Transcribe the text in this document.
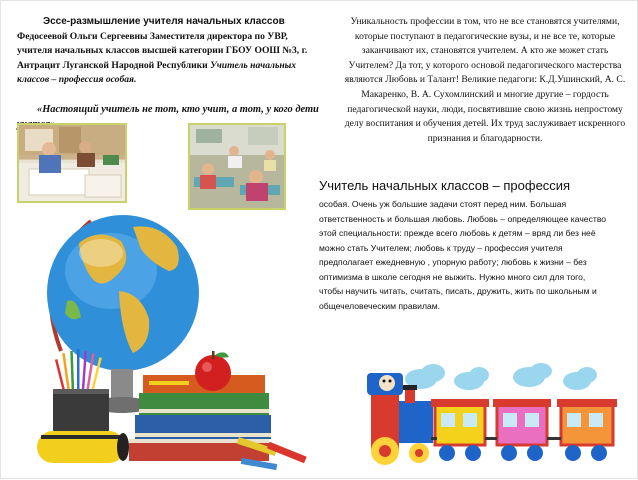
Эссе-размышление учителя начальных классов
Федосеевой Ольги Сергеевны Заместителя директора по УВР, учителя начальных классов высшей категории ГБОУ ООШ №3, г. Антрацит Луганской Народной Республики Учитель начальных классов – профессия особая.
«Настоящий учитель не тот, кто учит, а тот, у кого дети
Уникальность профессии в том, что не все становятся учителями, которые поступают в педагогические вузы, и не все те, которые заканчивают их, становятся учителем. А кто же может стать Учителем? Да тот, у которого основой педагогического мастерства являются Любовь и Талант! Великие педагоги: К.Д.Ушинский, А. С. Макаренко, В. А. Сухомлинский и многие другие – гордость педагогической науки, люди, посвятившие свою жизнь непростому делу воспитания и обучения детей. Их труд заслуживает искренного признания и благодарности.
Учитель начальных классов – профессия
особая. Очень уж большие задачи стоят перед ним. Большая ответственность и большая любовь. Любовь – определяющее качество этой специальности: прежде всего любовь к детям – вряд ли без неё можно стать Учителем; любовь к труду – профессия учителя предполагает ежедневную , упорную работу; любовь к жизни – без оптимизма в школе сегодня не выжить. Нужно много сил для того, чтобы научить читать, считать, писать, дружить, жить по школьным и общечеловеческим правилам.
